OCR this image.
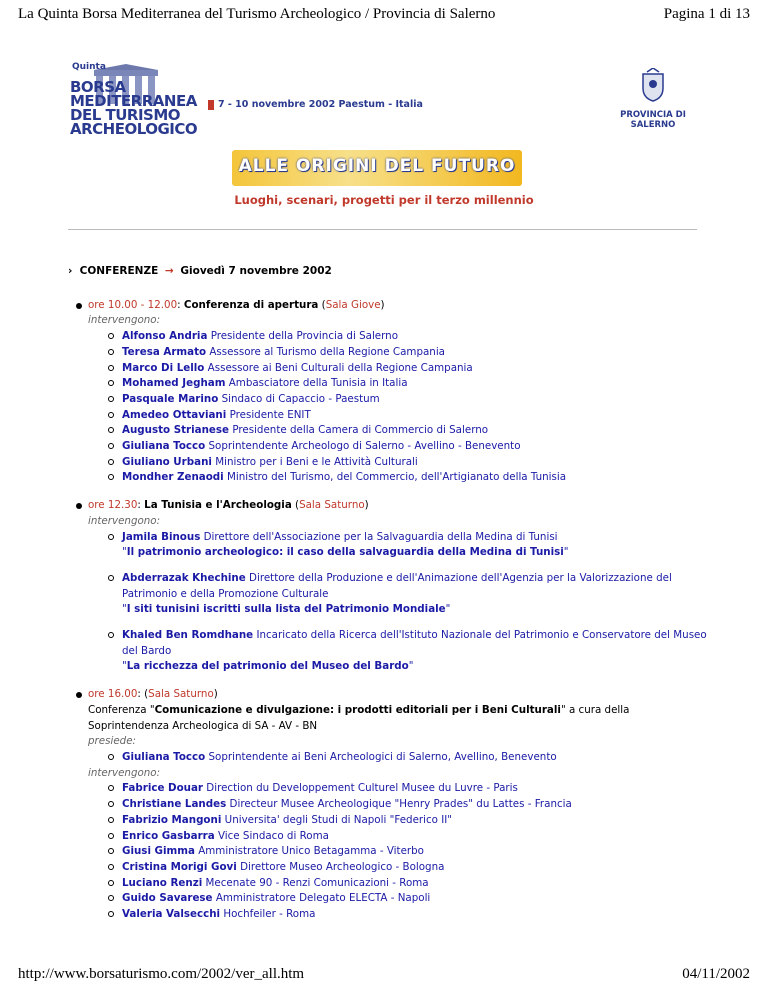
La Quinta Borsa Mediterranea del Turismo Archeologico / Provincia di Salerno	Pagina 1 di 13
Quinta
BORSA
MEDITERRANEA
DEL TURISMO
ARCHEOLOGICO
7 - 10 novembre 2002 Paestum - Italia
PROVINCIA DI SALERNO
ALLE ORIGINI DEL FUTURO
Luoghi, scenari, progetti per il terzo millennio
› CONFERENZE → Giovedì 7 novembre 2002
ore 10.00 - 12.00: Conferenza di apertura (Sala Giove)
intervengono:
Alfonso Andria Presidente della Provincia di Salerno
Teresa Armato Assessore al Turismo della Regione Campania
Marco Di Lello Assessore ai Beni Culturali della Regione Campania
Mohamed Jegham Ambasciatore della Tunisia in Italia
Pasquale Marino Sindaco di Capaccio - Paestum
Amedeo Ottaviani Presidente ENIT
Augusto Strianese Presidente della Camera di Commercio di Salerno
Giuliana Tocco Soprintendente Archeologo di Salerno - Avellino - Benevento
Giuliano Urbani Ministro per i Beni e le Attività Culturali
Mondher Zenaodi Ministro del Turismo, del Commercio, dell'Artigianato della Tunisia
ore 12.30: La Tunisia e l'Archeologia (Sala Saturno)
intervengono:
Jamila Binous Direttore dell'Associazione per la Salvaguardia della Medina di Tunisi
"Il patrimonio archeologico: il caso della salvaguardia della Medina di Tunisi"
Abderrazak Khechine Direttore della Produzione e dell'Animazione dell'Agenzia per la Valorizzazione del Patrimonio e della Promozione Culturale
"I siti tunisini iscritti sulla lista del Patrimonio Mondiale"
Khaled Ben Romdhane Incaricato della Ricerca dell'Istituto Nazionale del Patrimonio e Conservatore del Museo del Bardo
"La ricchezza del patrimonio del Museo del Bardo"
ore 16.00: (Sala Saturno)
Conferenza "Comunicazione e divulgazione: i prodotti editoriali per i Beni Culturali" a cura della Soprintendenza Archeologica di SA - AV - BN
presiede:
Giuliana Tocco Soprintendente ai Beni Archeologici di Salerno, Avellino, Benevento
intervengono:
Fabrice Douar Direction du Developpement Culturel Musee du Luvre - Paris
Christiane Landes Directeur Musee Archeologique "Henry Prades" du Lattes - Francia
Fabrizio Mangoni Universita' degli Studi di Napoli "Federico II"
Enrico Gasbarra Vice Sindaco di Roma
Giusi Gimma Amministratore Unico Betagamma - Viterbo
Cristina Morigi Govi Direttore Museo Archeologico - Bologna
Luciano Renzi Mecenate 90 - Renzi Comunicazioni - Roma
Guido Savarese Amministratore Delegato ELECTA - Napoli
Valeria Valsecchi Hochfeiler - Roma
http://www.borsaturismo.com/2002/ver_all.htm	04/11/2002
